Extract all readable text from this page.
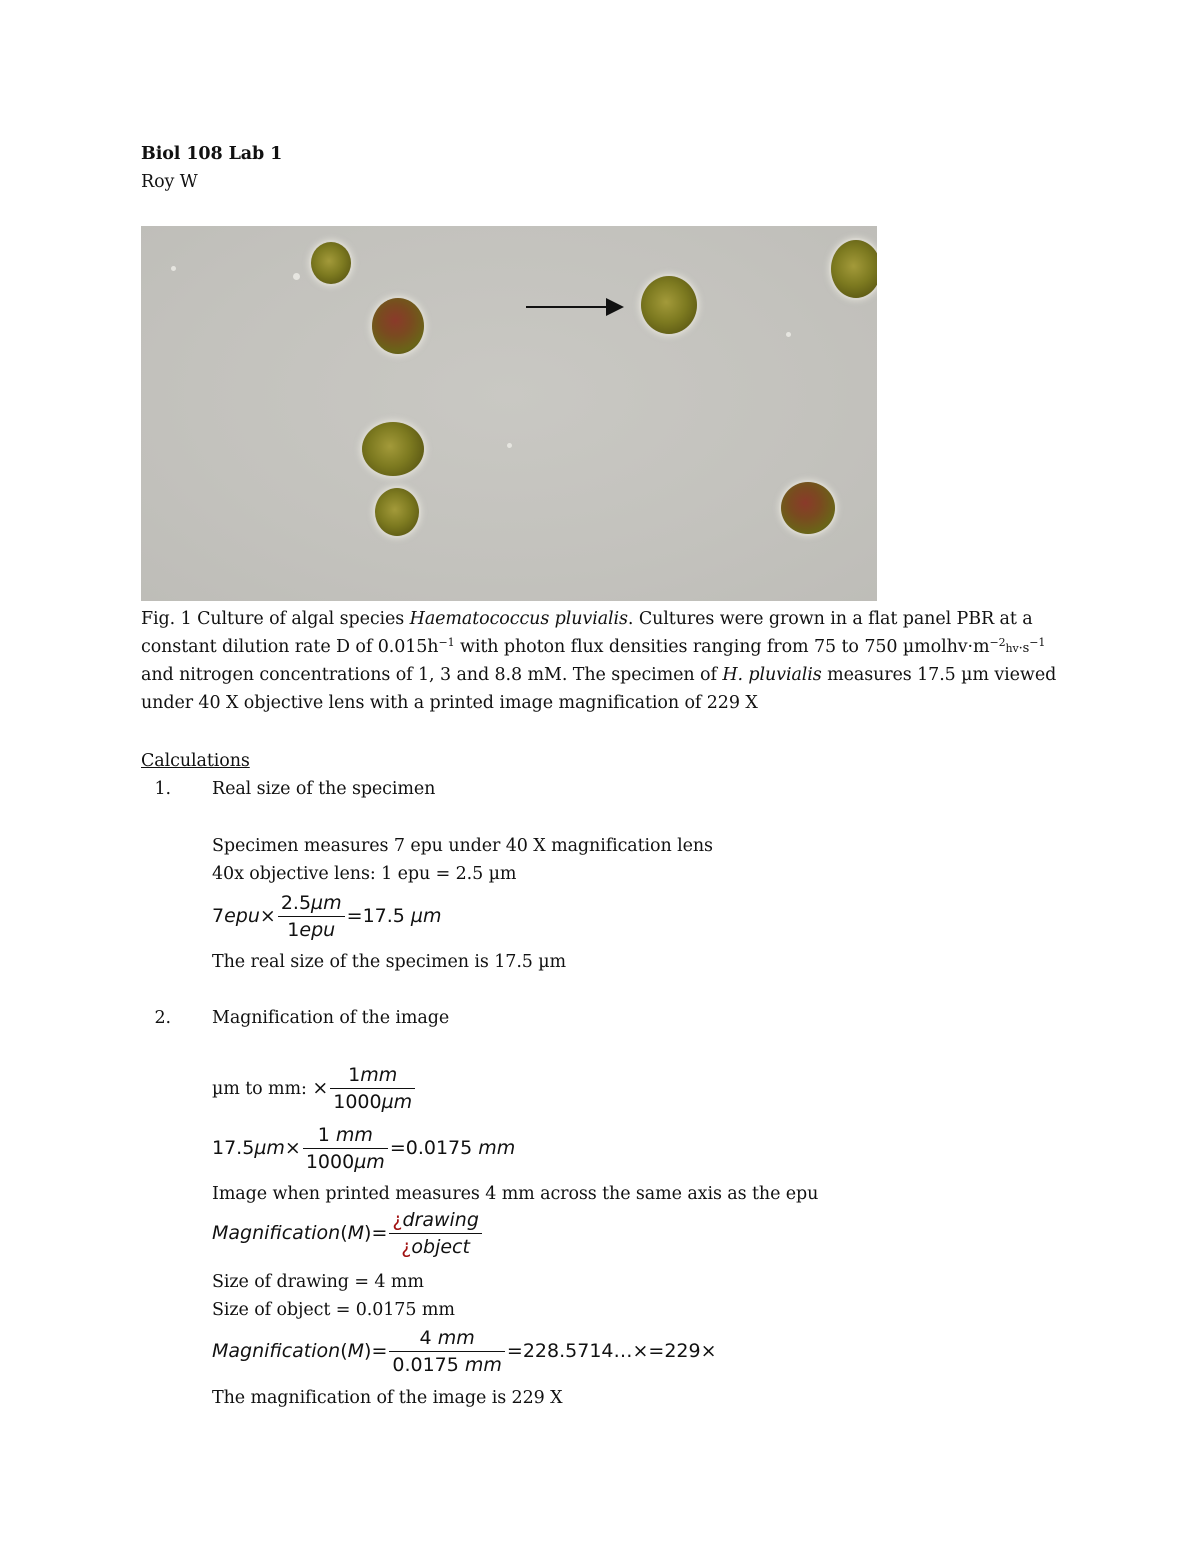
Biol 108 Lab 1
Roy W
Fig. 1 Culture of algal species Haematococcus pluvialis. Cultures were grown in a flat panel PBR at a
constant dilution rate D of $0.015h^{-1}$ with photon flux densities ranging from 75 to 750 $\mu molhv\cdot m^{-2}hv\cdot s^{-1}$
and nitrogen concentrations of 1, 3 and 8.8 mM. The specimen of H. pluvialis measures 17.5 µm viewed
under 40 X objective lens with a printed image magnification of 229 X
Calculations
1. Real size of the specimen
Specimen measures 7 epu under 40 X magnification lens
40x objective lens: 1 epu = 2.5 µm
$7epu\times \frac{\text{2.5µm}}{\text{1epu}} =17.5$ µm
The real size of the specimen is 17.5 µm
2. Magnification of the image
µm to mm: × $\frac{1mm}{\text{1000µm}}$
$17.5\mu m\times \frac{1 mm}{\text{1000µm}} =0.0175$ mm
Image when printed measures 4 mm across the same axis as the epu
Magnification(M)= $\frac{\text{¿drawing}}{\text{¿object}}$
Size of drawing = 4 mm
Size of object = 0.0175 mm
Magnification(M)= $\frac{4 mm}{0.0175 mm}$ =228.5714…×=229×
The magnification of the image is 229 X
